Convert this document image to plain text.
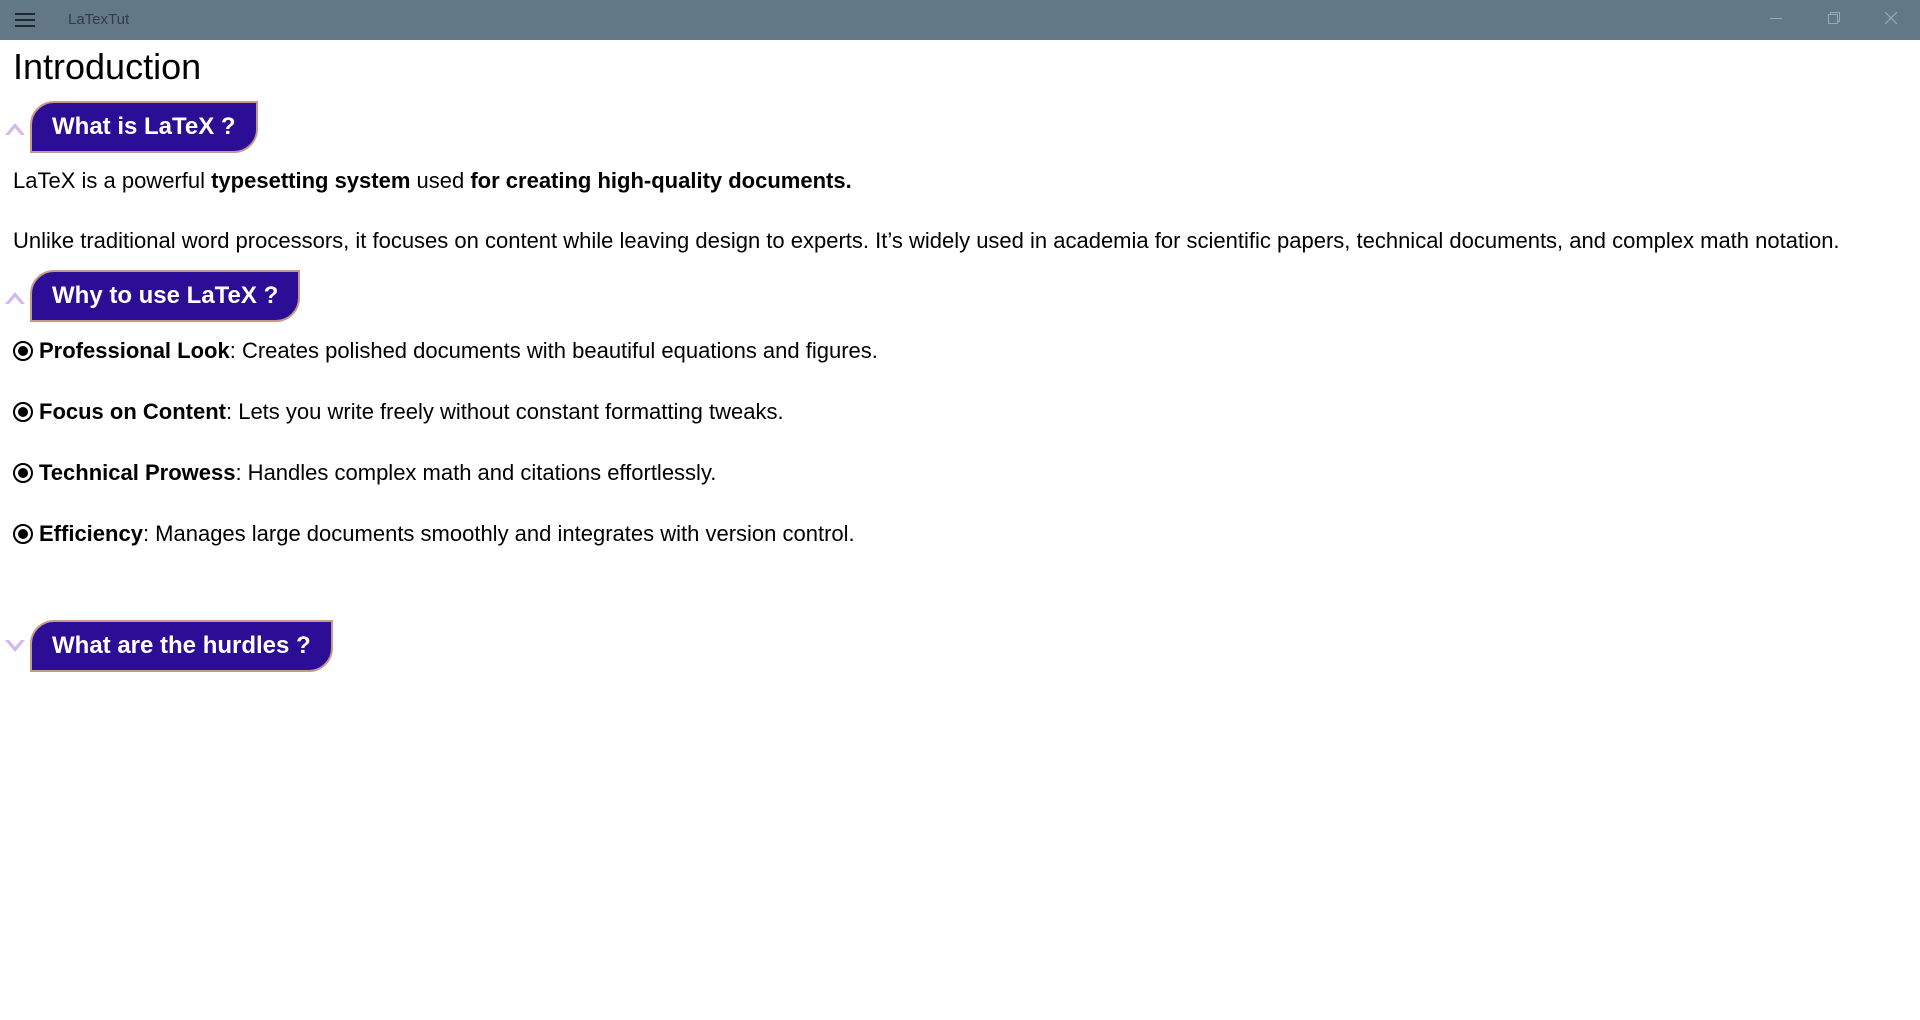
LaTexTut
Introduction
What is LaTeX ?

LaTeX is a powerful typesetting system used for creating high-quality documents.

Unlike traditional word processors, it focuses on content while leaving design to experts. It’s widely used in academia for scientific papers, technical documents, and complex math notation.

Why to use LaTeX ?
Professional Look: Creates polished documents with beautiful equations and figures.
Focus on Content: Lets you write freely without constant formatting tweaks.
Technical Prowess: Handles complex math and citations effortlessly.
Efficiency: Manages large documents smoothly and integrates with version control.
What are the hurdles ?
